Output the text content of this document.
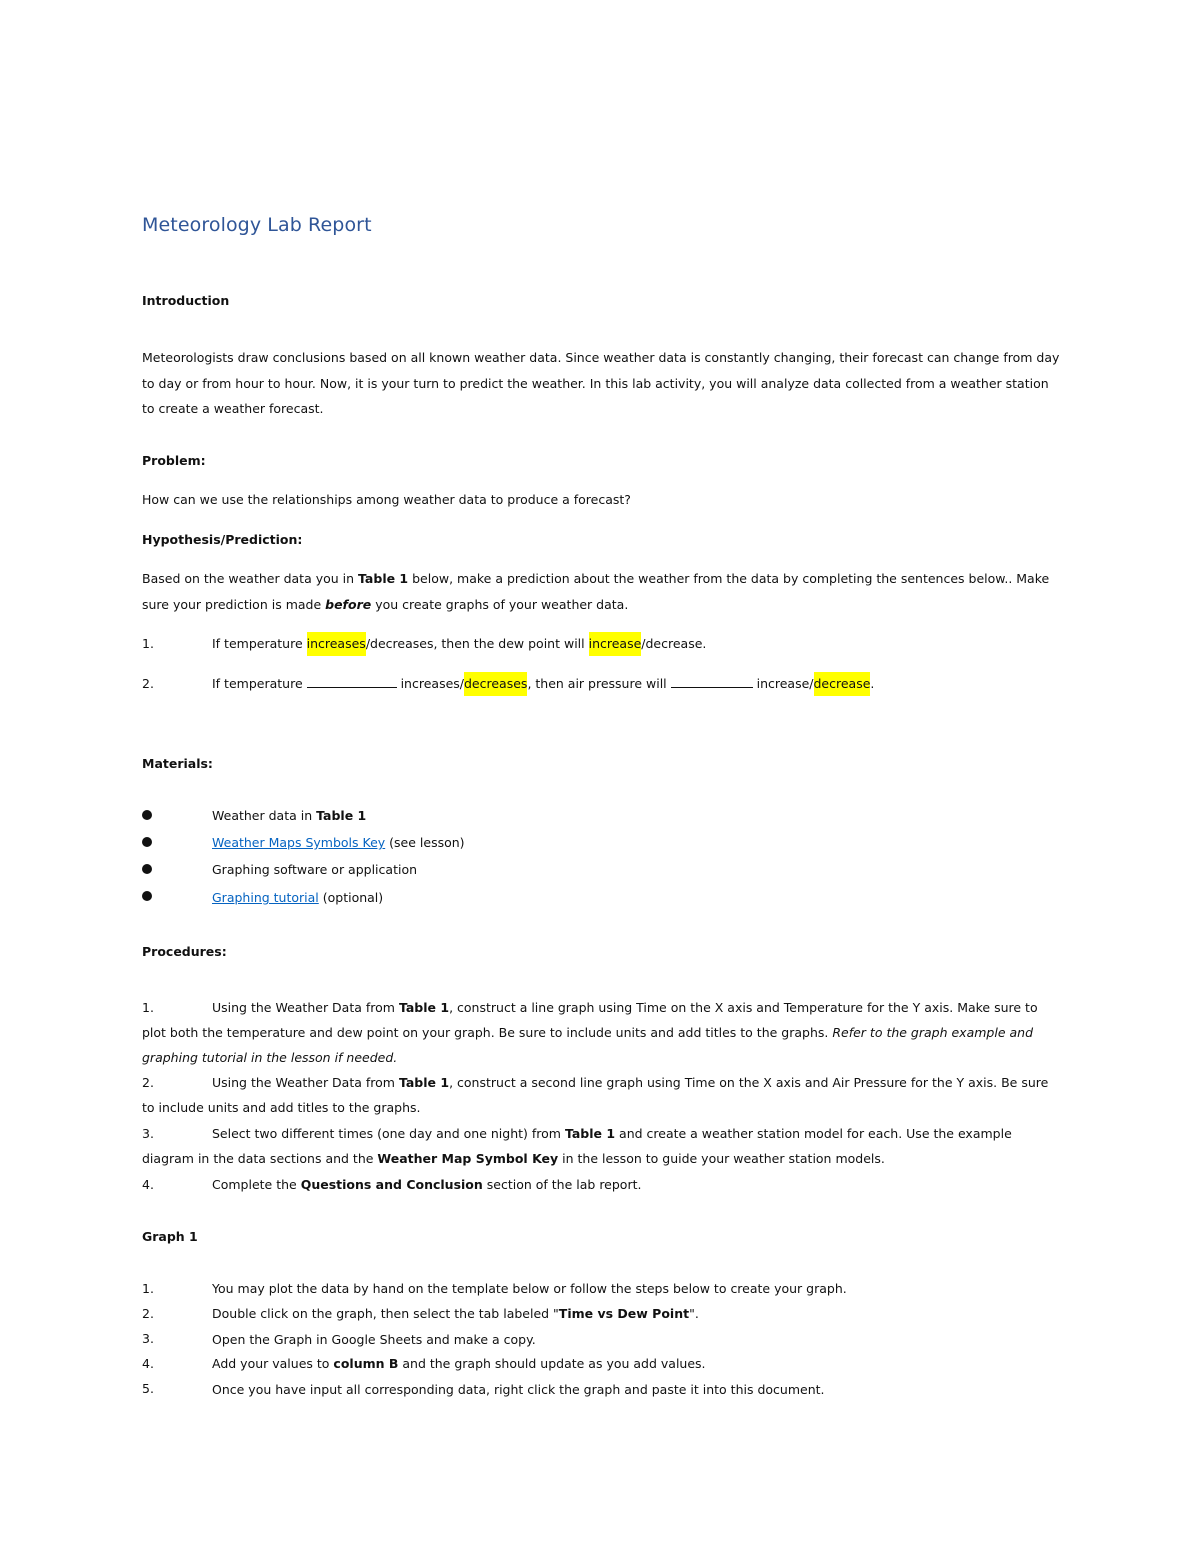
Meteorology Lab Report
Introduction
Meteorologists draw conclusions based on all known weather data. Since weather data is constantly changing, their forecast can change from day to day or from hour to hour. Now, it is your turn to predict the weather. In this lab activity, you will analyze data collected from a weather station to create a weather forecast.
Problem:
How can we use the relationships among weather data to produce a forecast?
Hypothesis/Prediction:
Based on the weather data you in Table 1 below, make a prediction about the weather from the data by completing the sentences below.. Make
sure your prediction is made before you create graphs of your weather data.
1.	If temperature increases/decreases, then the dew point will increase/decrease.
2.	If temperature	increases/decreases, then air pressure will	increase/decrease.
Materials:
Weather data in Table 1
Weather Maps Symbols Key (see lesson)
Graphing software or application
Graphing tutorial (optional)
Procedures:
1.	Using the Weather Data from Table 1, construct a line graph using Time on the X axis and Temperature for the Y axis. Make sure to
plot both the temperature and dew point on your graph. Be sure to include units and add titles to the graphs. Refer to the graph example and
graphing tutorial in the lesson if needed.
2.	Using the Weather Data from Table 1, construct a second line graph using Time on the X axis and Air Pressure for the Y axis. Be sure
to include units and add titles to the graphs.
3.	Select two different times (one day and one night) from Table 1 and create a weather station model for each. Use the example
diagram in the data sections and the Weather Map Symbol Key in the lesson to guide your weather station models.
4.	Complete the Questions and Conclusion section of the lab report.
Graph 1
1.	You may plot the data by hand on the template below or follow the steps below to create your graph.
2.	Double click on the graph, then select the tab labeled "Time vs Dew Point".
3.	Open the Graph in Google Sheets and make a copy.
4.	Add your values to column B and the graph should update as you add values.
5.	Once you have input all corresponding data, right click the graph and paste it into this document.
